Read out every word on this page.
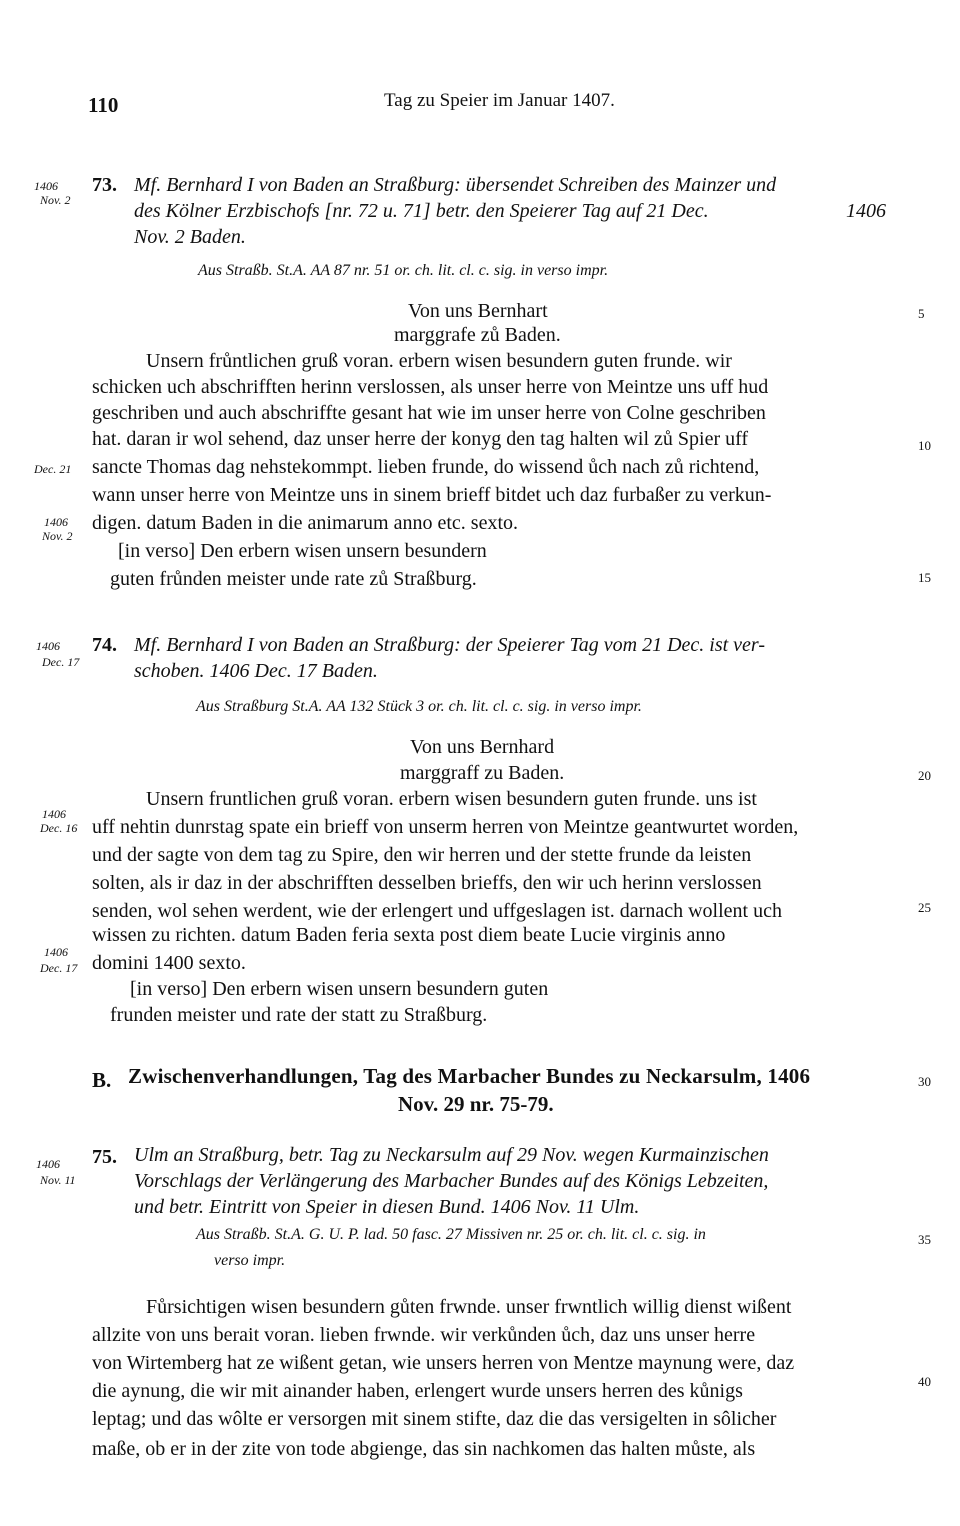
110	Tag zu Speier im Januar 1407.
1406
Nov. 2
73. Mf. Bernhard I von Baden an Straßburg: übersendet Schreiben des Mainzer und
des Kölner Erzbischofs [nr. 72 u. 71] betr. den Speierer Tag auf 21 Dec.	1406
Nov. 2 Baden.
Aus Straßb. St.A. AA 87 nr. 51 or. ch. lit. cl. c. sig. in verso impr.
Von uns Bernhart
marggrafe zů Baden.
Unsern frůntlichen gruß voran. erbern wisen besundern guten frunde. wir
schicken uch abschrifften herinn verslossen, als unser herre von Meintze uns uff hud
geschriben und auch abschriffte gesant hat wie im unser herre von Colne geschriben
hat. daran ir wol sehend, daz unser herre der konyg den tag halten wil zů Spier uff
sancte Thomas dag nehstekommpt. lieben frunde, do wissend ůch nach zů richtend,
wann unser herre von Meintze uns in sinem brieff bitdet uch daz furbaßer zu verkun-
digen. datum Baden in die animarum anno etc. sexto.
[in verso] Den erbern wisen unsern besundern
guten frůnden meister unde rate zů Straßburg.
Dec. 21
1406
Nov. 2
1406
Dec. 17
74. Mf. Bernhard I von Baden an Straßburg: der Speierer Tag vom 21 Dec. ist ver-
schoben. 1406 Dec. 17 Baden.
Aus Straßburg St.A. AA 132 Stück 3 or. ch. lit. cl. c. sig. in verso impr.
Von uns Bernhard
marggraff zu Baden.
Unsern fruntlichen gruß voran. erbern wisen besundern guten frunde. uns ist
uff nehtin dunrstag spate ein brieff von unserm herren von Meintze geantwurtet worden,
und der sagte von dem tag zu Spire, den wir herren und der stette frunde da leisten
solten, als ir daz in der abschrifften desselben brieffs, den wir uch herinn verslossen
senden, wol sehen werdent, wie der erlengert und uffgeslagen ist. darnach wollent uch
wissen zu richten. datum Baden feria sexta post diem beate Lucie virginis anno
domini 1400 sexto.
[in verso] Den erbern wisen unsern besundern guten
frunden meister und rate der statt zu Straßburg.
1406
Dec. 16
1406
Dec. 17
B. Zwischenverhandlungen, Tag des Marbacher Bundes zu Neckarsulm, 1406
Nov. 29 nr. 75-79.
1406
Nov. 11
75. Ulm an Straßburg, betr. Tag zu Neckarsulm auf 29 Nov. wegen Kurmainzischen
Vorschlags der Verlängerung des Marbacher Bundes auf des Königs Lebzeiten,
und betr. Eintritt von Speier in diesen Bund. 1406 Nov. 11 Ulm.
Aus Straßb. St.A. G. U. P. lad. 50 fasc. 27 Missiven nr. 25 or. ch. lit. cl. c. sig. in
verso impr.
Fůrsichtigen wisen besundern gůten frwnde. unser frwntlich willig dienst wißent
allzite von uns berait voran. lieben frwnde. wir verkůnden ůch, daz uns unser herre
von Wirtemberg hat ze wißent getan, wie unsers herren von Mentze maynung were, daz
die aynung, die wir mit ainander haben, erlengert wurde unsers herren des kůnigs
leptag; und das wôlte er versorgen mit sinem stifte, daz die das versigelten in sôlicher
maße, ob er in der zite von tode abgienge, das sin nachkomen das halten můste, als
5
10
15
20
25
30
35
40
